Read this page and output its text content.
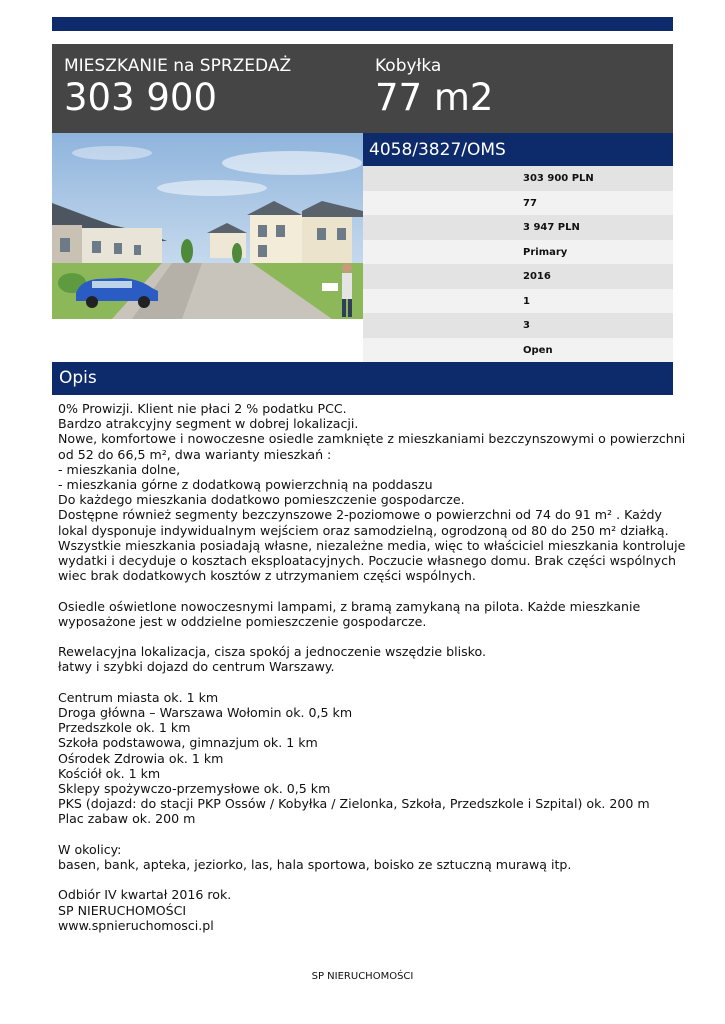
MIESZKANIE na SPRZEDAŻ
303 900
Kobyłka
77 m2
4058/3827/OMS
303 900 PLN
77
3 947 PLN
Primary
2016
1
3
Open
Opis
0% Prowizji. Klient nie płaci 2 % podatku PCC.
Bardzo atrakcyjny segment w dobrej lokalizacji.
Nowe, komfortowe i nowoczesne osiedle zamknięte z mieszkaniami bezczynszowymi o powierzchni
od 52 do 66,5 m², dwa warianty mieszkań :
- mieszkania dolne,
- mieszkania górne z dodatkową powierzchnią na poddaszu
Do każdego mieszkania dodatkowo pomieszczenie gospodarcze.
Dostępne również segmenty bezczynszowe 2-poziomowe o powierzchni od 74 do 91 m² . Każdy
lokal dysponuje indywidualnym wejściem oraz samodzielną, ogrodzoną od 80 do 250 m² działką.
Wszystkie mieszkania posiadają własne, niezależne media, więc to właściciel mieszkania kontroluje
wydatki i decyduje o kosztach eksploatacyjnych. Poczucie własnego domu. Brak części wspólnych
wiec brak dodatkowych kosztów z utrzymaniem części wspólnych.
Osiedle oświetlone nowoczesnymi lampami, z bramą zamykaną na pilota. Każde mieszkanie
wyposażone jest w oddzielne pomieszczenie gospodarcze.
Rewelacyjna lokalizacja, cisza spokój a jednoczenie wszędzie blisko.
łatwy i szybki dojazd do centrum Warszawy.
Centrum miasta ok. 1 km
Droga główna – Warszawa Wołomin ok. 0,5 km
Przedszkole ok. 1 km
Szkoła podstawowa, gimnazjum ok. 1 km
Ośrodek Zdrowia ok. 1 km
Kościół ok. 1 km
Sklepy spożywczo-przemysłowe ok. 0,5 km
PKS (dojazd: do stacji PKP Ossów / Kobyłka / Zielonka, Szkoła, Przedszkole i Szpital) ok. 200 m
Plac zabaw ok. 200 m
W okolicy:
basen, bank, apteka, jeziorko, las, hala sportowa, boisko ze sztuczną murawą itp.
Odbiór IV kwartał 2016 rok.
SP NIERUCHOMOŚCI
www.spnieruchomosci.pl
SP NIERUCHOMOŚCI
